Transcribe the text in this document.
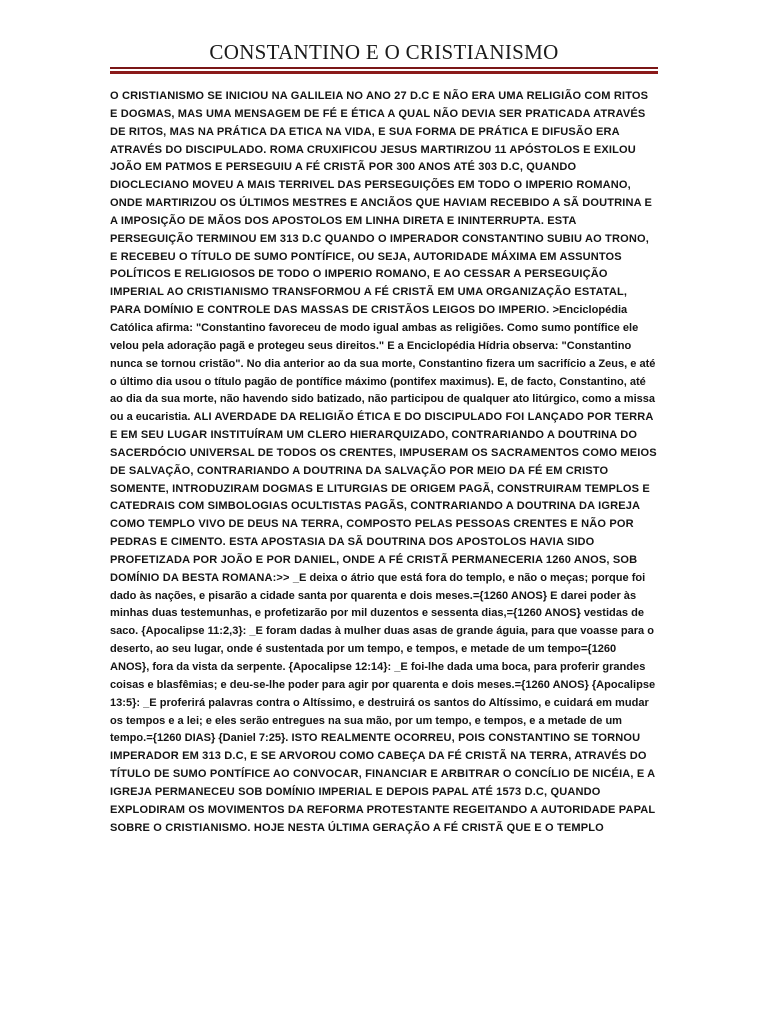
CONSTANTINO E O CRISTIANISMO
O CRISTIANISMO SE INICIOU NA GALILEIA NO ANO 27 D.C E NÃO ERA UMA RELIGIÃO COM RITOS E DOGMAS, MAS UMA MENSAGEM DE FÉ E ÉTICA A QUAL NÃO DEVIA SER PRATICADA ATRAVÉS DE RITOS, MAS NA PRÁTICA DA ETICA NA VIDA, E SUA FORMA DE PRÁTICA E DIFUSÃO ERA ATRAVÉS DO DISCIPULADO. ROMA CRUXIFICOU JESUS MARTIRIZOU 11 APÓSTOLOS E EXILOU JOÃO EM PATMOS E PERSEGUIU A FÉ CRISTÃ POR 300 ANOS ATÉ 303 D.C, QUANDO DIOCLECIANO MOVEU A MAIS TERRIVEL DAS PERSEGUIÇÕES EM TODO O IMPERIO ROMANO, ONDE MARTIRIZOU OS ÚLTIMOS MESTRES E ANCIÃOS QUE HAVIAM RECEBIDO A SÃ DOUTRINA E A IMPOSIÇÃO DE MÃOS DOS APOSTOLOS EM LINHA DIRETA E ININTERRUPTA. ESTA PERSEGUIÇÃO TERMINOU EM 313 D.C QUANDO O IMPERADOR CONSTANTINO SUBIU AO TRONO, E RECEBEU O TÍTULO DE SUMO PONTÍFICE, OU SEJA, AUTORIDADE MÁXIMA EM ASSUNTOS POLÍTICOS E RELIGIOSOS DE TODO O IMPERIO ROMANO, E AO CESSAR A PERSEGUIÇÃO IMPERIAL AO CRISTIANISMO TRANSFORMOU A FÉ CRISTÃ EM UMA ORGANIZAÇÃO ESTATAL, PARA DOMÍNIO E CONTROLE DAS MASSAS DE CRISTÃOS LEIGOS DO IMPERIO. >Enciclopédia Católica afirma: "Constantino favoreceu de modo igual ambas as religiões. Como sumo pontífice ele velou pela adoração pagã e protegeu seus direitos." E a Enciclopédia Hídria observa: "Constantino nunca se tornou cristão". No dia anterior ao da sua morte, Constantino fizera um sacrifício a Zeus, e até o último dia usou o título pagão de pontífice máximo (pontifex maximus). E, de facto, Constantino, até ao dia da sua morte, não havendo sido batizado, não participou de qualquer ato litúrgico, como a missa ou a eucaristia. ALI AVERDADE DA RELIGIÃO ÉTICA E DO DISCIPULADO FOI LANÇADO POR TERRA E EM SEU LUGAR INSTITUÍRAM UM CLERO HIERARQUIZADO, CONTRARIANDO A DOUTRINA DO SACERDÓCIO UNIVERSAL DE TODOS OS CRENTES, IMPUSERAM OS SACRAMENTOS COMO MEIOS DE SALVAÇÃO, CONTRARIANDO A DOUTRINA DA SALVAÇÃO POR MEIO DA FÉ EM CRISTO SOMENTE, INTRODUZIRAM DOGMAS E LITURGIAS DE ORIGEM PAGÃ, CONSTRUIRAM TEMPLOS E CATEDRAIS COM SIMBOLOGIAS OCULTISTAS PAGÃS, CONTRARIANDO A DOUTRINA DA IGREJA COMO TEMPLO VIVO DE DEUS NA TERRA, COMPOSTO PELAS PESSOAS CRENTES E NÃO POR PEDRAS E CIMENTO. ESTA APOSTASIA DA SÃ DOUTRINA DOS APOSTOLOS HAVIA SIDO PROFETIZADA POR JOÃO E POR DANIEL, ONDE A FÉ CRISTÃ PERMANECERIA 1260 ANOS, SOB DOMÍNIO DA BESTA ROMANA:>> _E deixa o átrio que está fora do templo, e não o meças; porque foi dado às nações, e pisarão a cidade santa por quarenta e dois meses.={1260 ANOS} E darei poder às minhas duas testemunhas, e profetizarão por mil duzentos e sessenta dias,={1260 ANOS} vestidas de saco. {Apocalipse 11:2,3}: _E foram dadas à mulher duas asas de grande águia, para que voasse para o deserto, ao seu lugar, onde é sustentada por um tempo, e tempos, e metade de um tempo={1260 ANOS}, fora da vista da serpente. {Apocalipse 12:14}: _E foi-lhe dada uma boca, para proferir grandes coisas e blasfêmias; e deu-se-lhe poder para agir por quarenta e dois meses.={1260 ANOS} {Apocalipse 13:5}: _E proferirá palavras contra o Altíssimo, e destruirá os santos do Altíssimo, e cuidará em mudar os tempos e a lei; e eles serão entregues na sua mão, por um tempo, e tempos, e a metade de um tempo.={1260 DIAS} {Daniel 7:25}. ISTO REALMENTE OCORREU, POIS CONSTANTINO SE TORNOU IMPERADOR EM 313 D.C, E SE ARVOROU COMO CABEÇA DA FÉ CRISTÃ NA TERRA, ATRAVÉS DO TÍTULO DE SUMO PONTÍFICE AO CONVOCAR, FINANCIAR E ARBITRAR O CONCÍLIO DE NICÉIA, E A IGREJA PERMANECEU SOB DOMÍNIO IMPERIAL E DEPOIS PAPAL ATÉ 1573 D.C, QUANDO EXPLODIRAM OS MOVIMENTOS DA REFORMA PROTESTANTE REGEITANDO A AUTORIDADE PAPAL SOBRE O CRISTIANISMO. HOJE NESTA ÚLTIMA GERAÇÃO A FÉ CRISTÃ QUE E O TEMPLO
